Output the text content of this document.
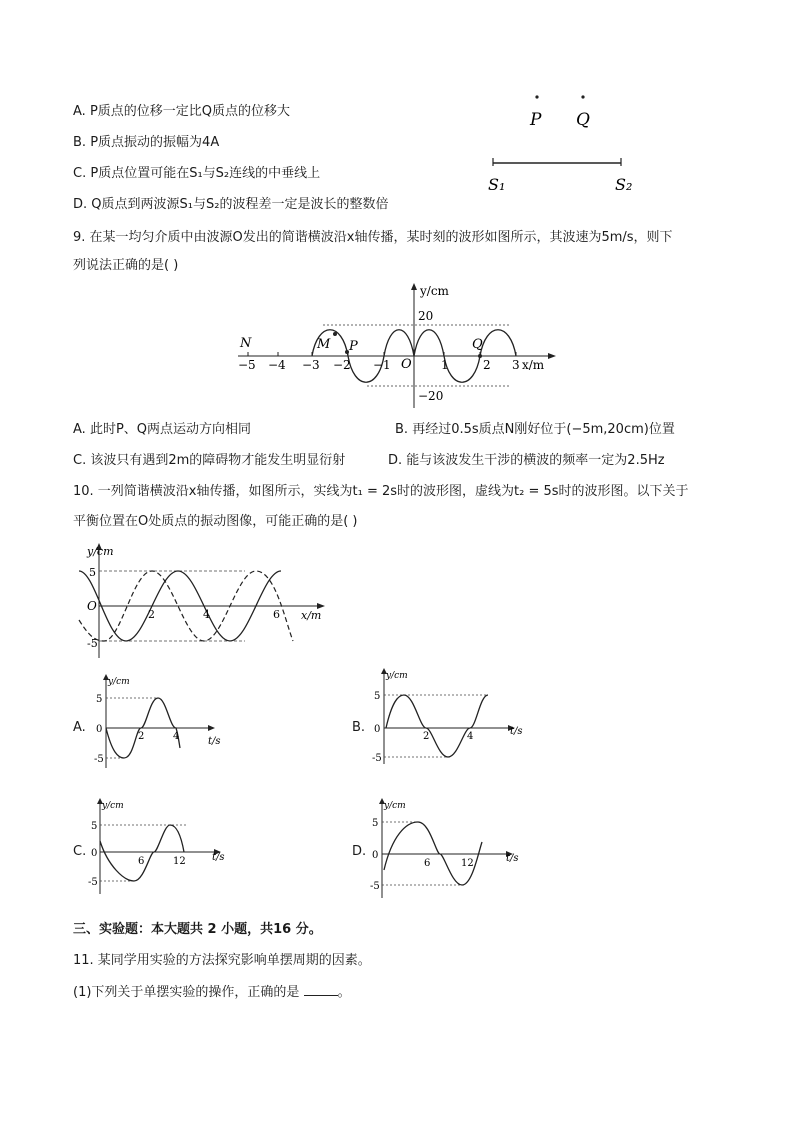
A. P质点的位移一定比Q质点的位移大
B. P质点振动的振幅为4A
C. P质点位置可能在S₁与S₂连线的中垂线上
D. Q质点到两波源S₁与S₂的波程差一定是波长的整数倍
P Q
S₁	S₂
9. 在某一均匀介质中由波源O发出的简谐横波沿x轴传播，某时刻的波形如图所示，其波速为5m/s，则下
列说法正确的是( )
y/cm
x/m
20
−20
−5 −4 −3 −2 −1	1	2 3
N	M P
O
Q
A. 此时P、Q两点运动方向相同	B. 再经过0.5s质点N刚好位于(−5m,20cm)位置
C. 该波只有遇到2m的障碍物才能发生明显衍射	D. 能与该波发生干涉的横波的频率一定为2.5Hz
10. 一列简谐横波沿x轴传播，如图所示，实线为t₁ = 2s时的波形图，虚线为t₂ = 5s时的波形图。以下关于
平衡位置在O处质点的振动图像，可能正确的是( )
y/cm
x/m
O
5
-5
2	4	6
A.
y/cm
t/s
0
5
-5
2	4
B.
y/cm
t/s
0
5
-5
2	4
C.
y/cm
t/s
0
5
-5
6	12
D.
y/cm
t/s
0
5
-5
6	12
三、实验题：本大题共 2 小题，共16 分。
11. 某同学用实验的方法探究影响单摆周期的因素。
(1)下列关于单摆实验的操作，正确的是	。
